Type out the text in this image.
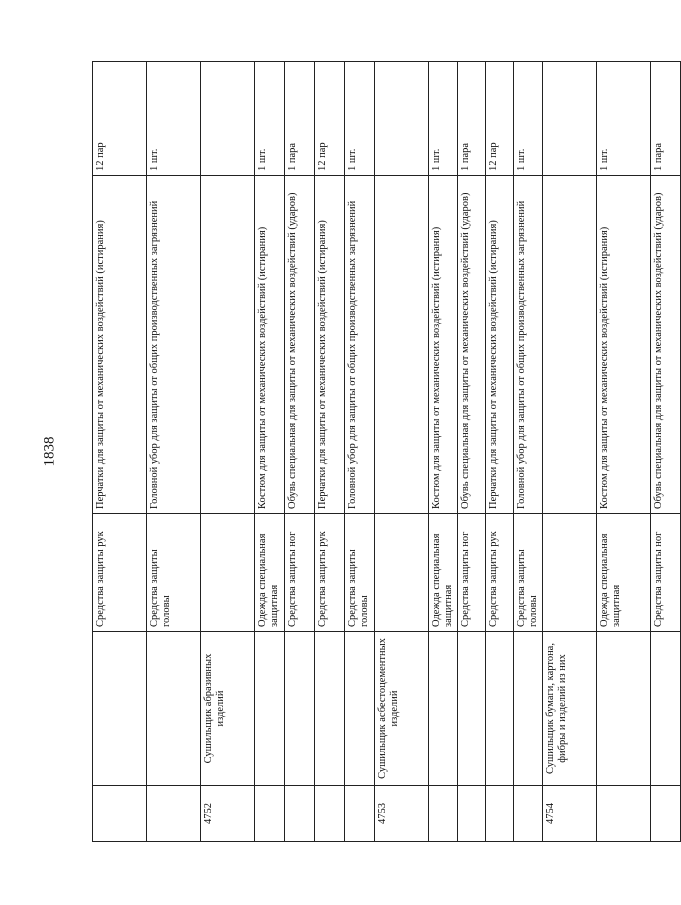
1838
		Средства защиты рук	Перчатки для защиты от механических воздействий (истирания)	12 пар
		Средства защиты головы	Головной убор для защиты от общих производственных загрязнений	1 шт.
4752	Сушильщик абразивных изделий			
		Одежда специальная защитная	Костюм для защиты от механических воздействий (истирания)	1 шт.
		Средства защиты ног	Обувь специальная для защиты от механических воздействий (ударов)	1 пара
		Средства защиты рук	Перчатки для защиты от механических воздействий (истирания)	12 пар
		Средства защиты головы	Головной убор для защиты от общих производственных загрязнений	1 шт.
4753	Сушильщик асбестоцементных изделий			
		Одежда специальная защитная	Костюм для защиты от механических воздействий (истирания)	1 шт.
		Средства защиты ног	Обувь специальная для защиты от механических воздействий (ударов)	1 пара
		Средства защиты рук	Перчатки для защиты от механических воздействий (истирания)	12 пар
		Средства защиты головы	Головной убор для защиты от общих производственных загрязнений	1 шт.
4754	Сушильщик бумаги, картона, фибры и изделий из них			
		Одежда специальная защитная	Костюм для защиты от механических воздействий (истирания)	1 шт.
		Средства защиты ног	Обувь специальная для защиты от механических воздействий (ударов)	1 пара
